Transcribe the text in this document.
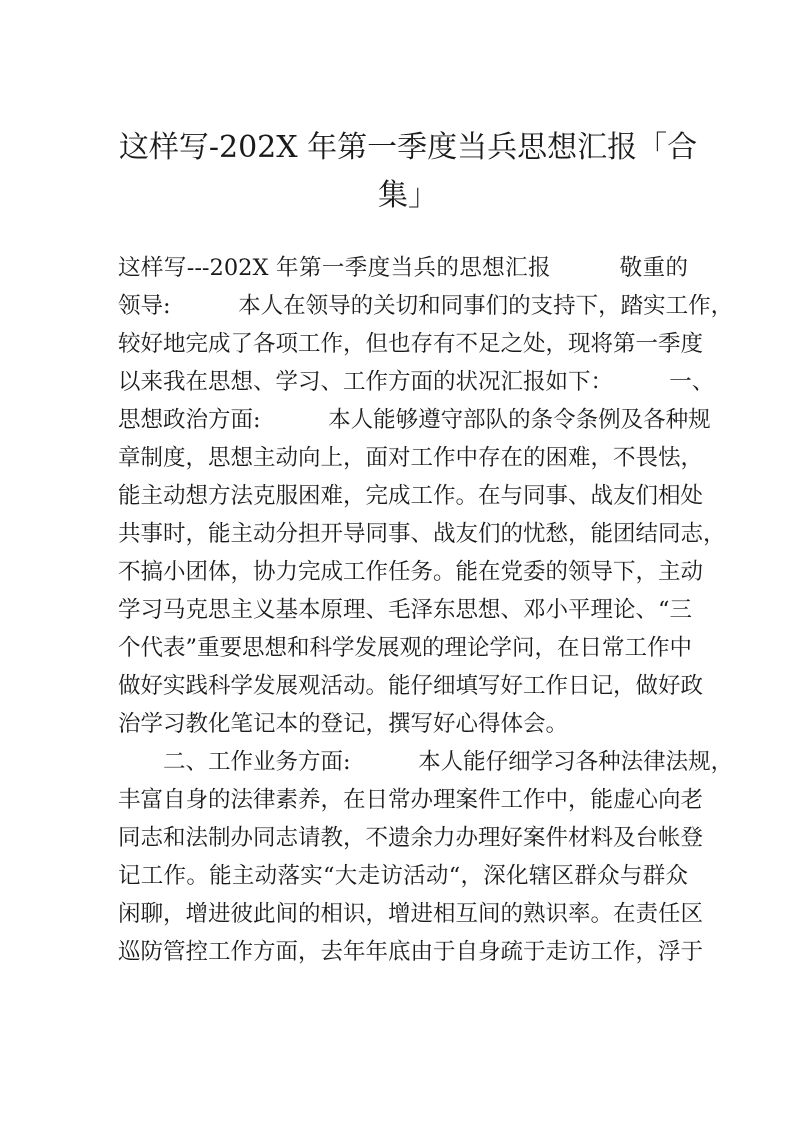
这样写-202X 年第一季度当兵思想汇报「合
集」
这样写---202X 年第一季度当兵的思想汇报　　　敬重的
领导:　　　本人在领导的关切和同事们的支持下，踏实工作，
较好地完成了各项工作，但也存有不足之处，现将第一季度
以来我在思想、学习、工作方面的状况汇报如下：　　　一、
思想政治方面:　　　本人能够遵守部队的条令条例及各种规
章制度，思想主动向上，面对工作中存在的困难，不畏怯，
能主动想方法克服困难，完成工作。在与同事、战友们相处
共事时，能主动分担开导同事、战友们的忧愁，能团结同志，
不搞小团体，协力完成工作任务。能在党委的领导下，主动
学习马克思主义基本原理、毛泽东思想、邓小平理论、“三
个代表”重要思想和科学发展观的理论学问，在日常工作中
做好实践科学发展观活动。能仔细填写好工作日记，做好政
治学习教化笔记本的登记，撰写好心得体会。
二、工作业务方面:　　　本人能仔细学习各种法律法规，
丰富自身的法律素养，在日常办理案件工作中，能虚心向老
同志和法制办同志请教，不遗余力办理好案件材料及台帐登
记工作。能主动落实“大走访活动“，深化辖区群众与群众
闲聊，增进彼此间的相识，增进相互间的熟识率。在责任区
巡防管控工作方面，去年年底由于自身疏于走访工作，浮于
